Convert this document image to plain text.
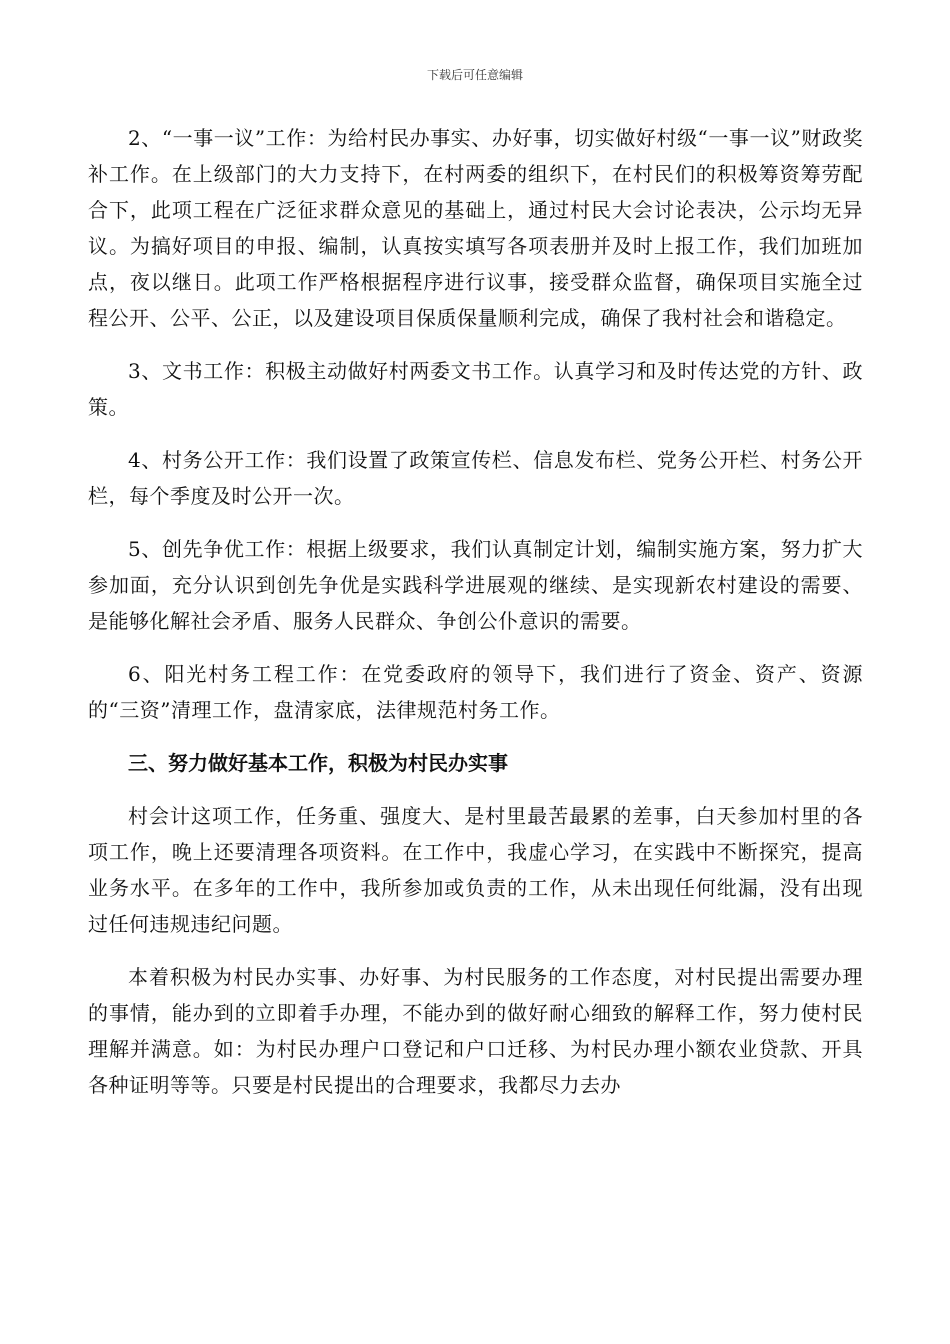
下载后可任意编辑

2、“一事一议”工作：为给村民办事实、办好事，切实做好村级“一事一议”财政奖补工作。在上级部门的大力支持下，在村两委的组织下，在村民们的积极筹资筹劳配合下，此项工程在广泛征求群众意见的基础上，通过村民大会讨论表决，公示均无异议。为搞好项目的申报、编制，认真按实填写各项表册并及时上报工作，我们加班加点，夜以继日。此项工作严格根据程序进行议事，接受群众监督，确保项目实施全过程公开、公平、公正，以及建设项目保质保量顺利完成，确保了我村社会和谐稳定。

3、文书工作：积极主动做好村两委文书工作。认真学习和及时传达党的方针、政策。

4、村务公开工作：我们设置了政策宣传栏、信息发布栏、党务公开栏、村务公开栏，每个季度及时公开一次。

5、创先争优工作：根据上级要求，我们认真制定计划，编制实施方案，努力扩大参加面，充分认识到创先争优是实践科学进展观的继续、是实现新农村建设的需要、是能够化解社会矛盾、服务人民群众、争创公仆意识的需要。

6、阳光村务工程工作：在党委政府的领导下，我们进行了资金、资产、资源的“三资”清理工作，盘清家底，法律规范村务工作。

三、努力做好基本工作，积极为村民办实事

村会计这项工作，任务重、强度大、是村里最苦最累的差事，白天参加村里的各项工作，晚上还要清理各项资料。在工作中，我虚心学习，在实践中不断探究，提高业务水平。在多年的工作中，我所参加或负责的工作，从未出现任何纰漏，没有出现过任何违规违纪问题。

本着积极为村民办实事、办好事、为村民服务的工作态度，对村民提出需要办理的事情，能办到的立即着手办理，不能办到的做好耐心细致的解释工作，努力使村民理解并满意。如：为村民办理户口登记和户口迁移、为村民办理小额农业贷款、开具各种证明等等。只要是村民提出的合理要求，我都尽力去办
